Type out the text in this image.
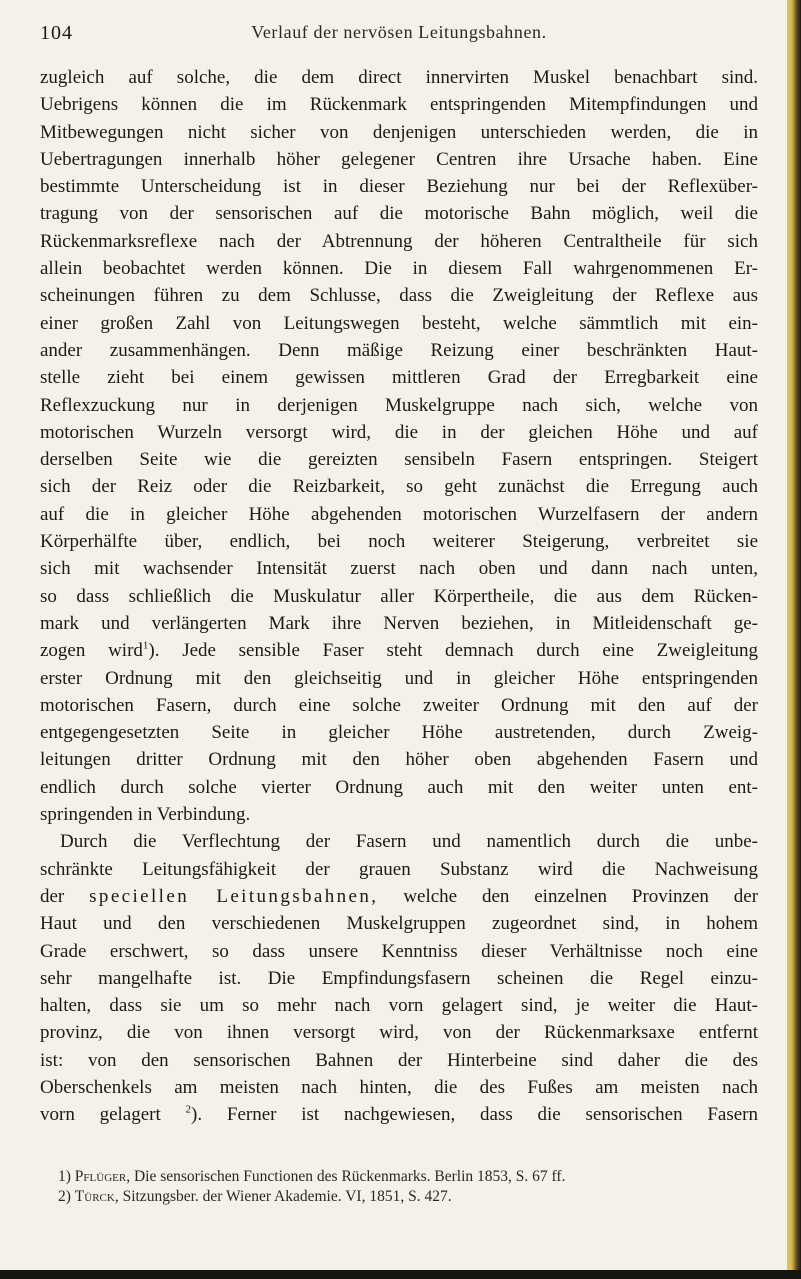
104	Verlauf der nervösen Leitungsbahnen.
zugleich auf solche, die dem direct innervirten Muskel benachbart sind.
Uebrigens können die im Rückenmark entspringenden Mitempfindungen und
Mitbewegungen nicht sicher von denjenigen unterschieden werden, die in
Uebertragungen innerhalb höher gelegener Centren ihre Ursache haben. Eine
bestimmte Unterscheidung ist in dieser Beziehung nur bei der Reflexüber-
tragung von der sensorischen auf die motorische Bahn möglich, weil die
Rückenmarksreflexe nach der Abtrennung der höheren Centraltheile für sich
allein beobachtet werden können. Die in diesem Fall wahrgenommenen Er-
scheinungen führen zu dem Schlusse, dass die Zweigleitung der Reflexe aus
einer großen Zahl von Leitungswegen besteht, welche sämmtlich mit ein-
ander zusammenhängen. Denn mäßige Reizung einer beschränkten Haut-
stelle zieht bei einem gewissen mittleren Grad der Erregbarkeit eine
Reflexzuckung nur in derjenigen Muskelgruppe nach sich, welche von
motorischen Wurzeln versorgt wird, die in der gleichen Höhe und auf
derselben Seite wie die gereizten sensibeln Fasern entspringen. Steigert
sich der Reiz oder die Reizbarkeit, so geht zunächst die Erregung auch
auf die in gleicher Höhe abgehenden motorischen Wurzelfasern der andern
Körperhälfte über, endlich, bei noch weiterer Steigerung, verbreitet sie
sich mit wachsender Intensität zuerst nach oben und dann nach unten,
so dass schließlich die Muskulatur aller Körpertheile, die aus dem Rücken-
mark und verlängerten Mark ihre Nerven beziehen, in Mitleidenschaft ge-
zogen wird$^1$). Jede sensible Faser steht demnach durch eine Zweigleitung
erster Ordnung mit den gleichseitig und in gleicher Höhe entspringenden
motorischen Fasern, durch eine solche zweiter Ordnung mit den auf der
entgegengesetzten Seite in gleicher Höhe austretenden, durch Zweig-
leitungen dritter Ordnung mit den höher oben abgehenden Fasern und
endlich durch solche vierter Ordnung auch mit den weiter unten ent-
springenden in Verbindung.
Durch die Verflechtung der Fasern und namentlich durch die unbe-
schränkte Leitungsfähigkeit der grauen Substanz wird die Nachweisung
der speciellen Leitungsbahnen, welche den einzelnen Provinzen der
Haut und den verschiedenen Muskelgruppen zugeordnet sind, in hohem
Grade erschwert, so dass unsere Kenntniss dieser Verhältnisse noch eine
sehr mangelhafte ist. Die Empfindungsfasern scheinen die Regel einzu-
halten, dass sie um so mehr nach vorn gelagert sind, je weiter die Haut-
provinz, die von ihnen versorgt wird, von der Rückenmarksaxe entfernt
ist: von den sensorischen Bahnen der Hinterbeine sind daher die des
Oberschenkels am meisten nach hinten, die des Fußes am meisten nach
vorn gelagert $^2$). Ferner ist nachgewiesen, dass die sensorischen Fasern
1) Pflüger, Die sensorischen Functionen des Rückenmarks. Berlin 1853, S. 67 ff.
2) Türck, Sitzungsber. der Wiener Akademie. VI, 1851, S. 427.
